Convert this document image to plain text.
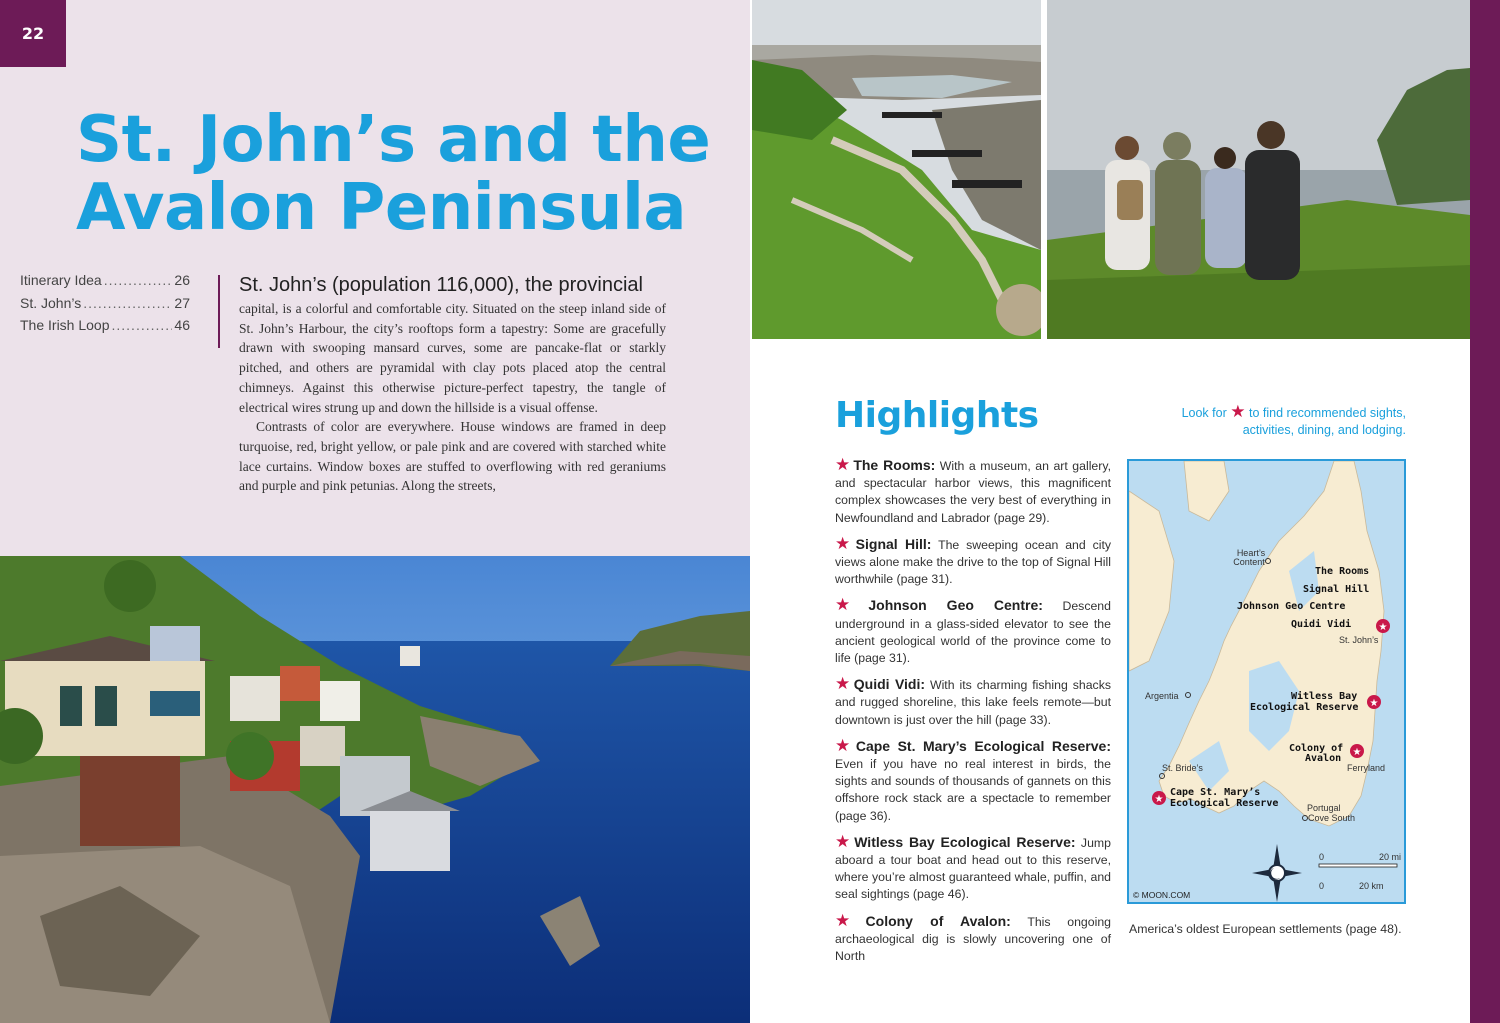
22
St. John’s and the
Avalon Peninsula
Itinerary Idea .....	26
St. John’s .....	27
The Irish Loop .....	46
St. John’s (population 116,000), the provincial

capital, is a colorful and comfortable city. Situated on the steep inland side of St. John’s Harbour, the city’s rooftops form a tapestry: Some are gracefully drawn with swooping mansard curves, some are pancake-flat or starkly pitched, and others are pyramidal with clay pots placed atop the central chimneys. Against this otherwise picture-perfect tapestry, the tangle of electrical wires strung up and down the hillside is a visual offense.

Contrasts of color are everywhere. House windows are framed in deep turquoise, red, bright yellow, or pale pink and are covered with starched white lace curtains. Window boxes are stuffed to overflowing with red geraniums and purple and pink petunias. Along the streets,

Highlights	Look for ★ to find recommended sights, activities, dining, and lodging.
★ The Rooms: With a museum, an art gallery, and spectacular harbor views, this magnificent complex showcases the very best of everything in Newfoundland and Labrador (page 29).
★ Signal Hill: The sweeping ocean and city views alone make the drive to the top of Signal Hill worthwhile (page 31).
★ Johnson Geo Centre: Descend underground in a glass-sided elevator to see the ancient geological world of the province come to life (page 31).
★ Quidi Vidi: With its charming fishing shacks and rugged shoreline, this lake feels remote—but downtown is just over the hill (page 33).
★ Cape St. Mary’s Ecological Reserve: Even if you have no real interest in birds, the sights and sounds of thousands of gannets on this offshore rock stack are a spectacle to remember (page 36).
★ Witless Bay Ecological Reserve: Jump aboard a tour boat and head out to this reserve, where you’re almost guaranteed whale, puffin, and seal sightings (page 46).
★ Colony of Avalon: This ongoing archaeological dig is slowly uncovering one of North
America’s oldest European settlements (page 48).
Heart’s
Content
The Rooms
Signal Hill
Johnson Geo Centre
Quidi Vidi
St. John’s
★
Argentia	Witless Bay
Ecological Reserve ★
Colony of
Avalon
★
Ferryland
St. Bride’s
★
Cape St. Mary’s
Ecological Reserve	Portugal
Cove South
0	20 mi
0	20 km
© MOON.COM
